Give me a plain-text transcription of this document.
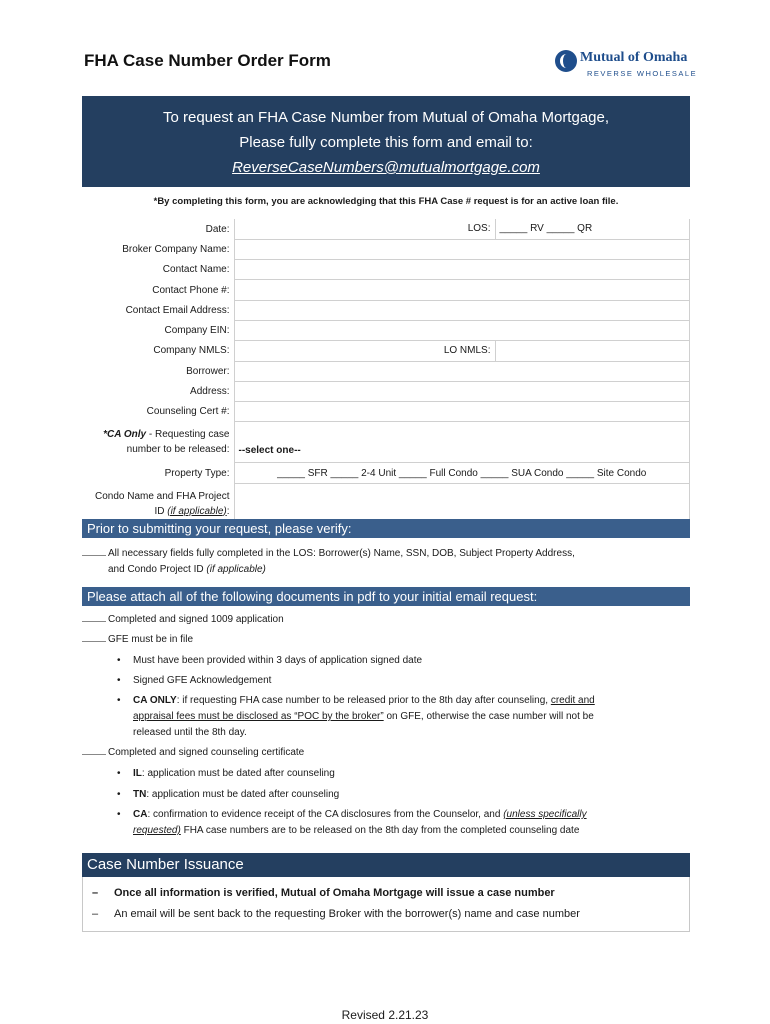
FHA Case Number Order Form	Mutual of Omaha
REVERSE WHOLESALE
To request an FHA Case Number from Mutual of Omaha Mortgage,
Please fully complete this form and email to:
ReverseCaseNumbers@mutualmortgage.com
*By completing this form, you are acknowledging that this FHA Case # request is for an active loan file.
Date:	LOS:	_____ RV _____ QR
Broker Company Name:		
Contact Name:		
Contact Phone #:		
Contact Email Address:		
Company EIN:		
Company NMLS:	LO NMLS:	
Borrower:		
Address:		
Counseling Cert #:		
*CA Only - Requesting case number to be released:	--select one--	
Property Type:	_____ SFR _____ 2-4 Unit _____ Full Condo _____ SUA Condo _____ Site Condo	
Condo Name and FHA Project ID (if applicable):		
Prior to submitting your request, please verify:
All necessary fields fully completed in the LOS: Borrower(s) Name, SSN, DOB, Subject Property Address,
and Condo Project ID (if applicable)
Please attach all of the following documents in pdf to your initial email request:
Completed and signed 1009 application
GFE must be in file
•	Must have been provided within 3 days of application signed date
•	Signed GFE Acknowledgement
•	CA ONLY: if requesting FHA case number to be released prior to the 8th day after counseling, credit and
appraisal fees must be disclosed as “POC by the broker” on GFE, otherwise the case number will not be
released until the 8th day.
Completed and signed counseling certificate
•	IL: application must be dated after counseling
•	TN: application must be dated after counseling
•	CA: confirmation to evidence receipt of the CA disclosures from the Counselor, and (unless specifically
requested) FHA case numbers are to be released on the 8th day from the completed counseling date
Case Number Issuance
– Once all information is verified, Mutual of Omaha Mortgage will issue a case number
– An email will be sent back to the requesting Broker with the borrower(s) name and case number
Revised 2.21.23
